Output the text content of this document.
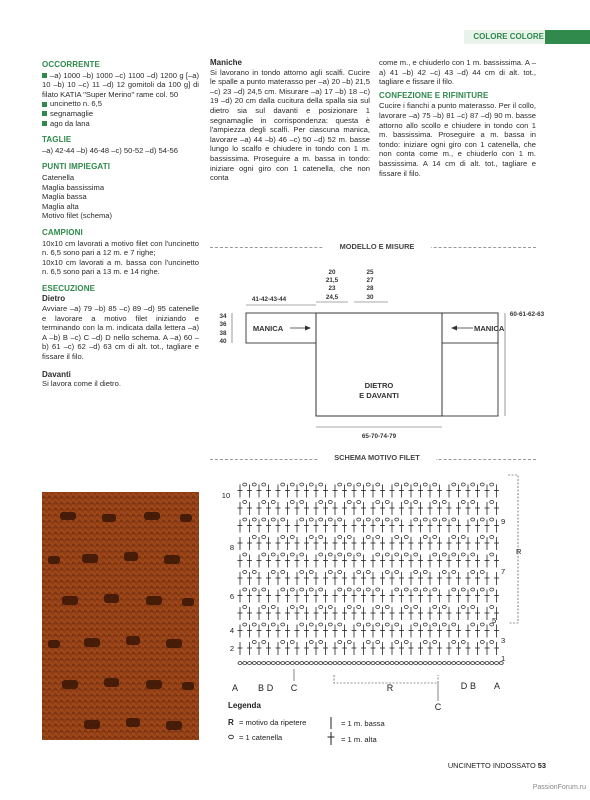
COLORE COLORE
OCCORRENTE
–a) 1000 –b) 1000 –c) 1100 –d) 1200 g [–a) 10 –b) 10 –c) 11 –d) 12 gomitoli da 100 g] di filato KATIA "Super Merino" rame col. 50
uncinetto n. 6,5
segnamaglie
ago da lana
TAGLIE
–a) 42-44 –b) 46-48 –c) 50-52 –d) 54-56
PUNTI IMPIEGATI
Catenella
Maglia bassissima
Maglia bassa
Maglia alta
Motivo filet (schema)
CAMPIONI
10x10 cm lavorati a motivo filet con l'uncinetto n. 6,5 sono pari a 12 m. e 7 righe;
10x10 cm lavorati a m. bassa con l'uncinetto n. 6,5 sono pari a 13 m. e 14 righe.
ESECUZIONE
Dietro
Avviare –a) 79 –b) 85 –c) 89 –d) 95 catenelle e lavorare a motivo filet iniziando e terminando con la m. indicata dalla lettera –a) A –b) B –c) C –d) D nello schema. A –a) 60 –b) 61 –c) 62 –d) 63 cm di alt. tot., tagliare e fissare il filo.
Davanti
Si lavora come il dietro.
Maniche
Si lavorano in tondo attorno agli scalfi. Cucire le spalle a punto materasso per –a) 20 –b) 21,5 –c) 23 –d) 24,5 cm. Misurare –a) 17 –b) 18 –c) 19 –d) 20 cm dalla cucitura della spalla sia sul dietro sia sul davanti e posizionare 1 segnamaglie in corrispondenza: questa è l'ampiezza degli scalfi. Per ciascuna manica, lavorare –a) 44 –b) 46 –c) 50 –d) 52 m. basse lungo lo scalfo e chiudere in tondo con 1 m. bassissima. Proseguire a m. bassa in tondo: iniziare ogni giro con 1 catenella, che non conta
come m., e chiuderlo con 1 m. bassissima. A –a) 41 –b) 42 –c) 43 –d) 44 cm di alt. tot., tagliare e fissare il filo.
CONFEZIONE E RIFINITURE
Cucire i fianchi a punto materasso. Per il collo, lavorare –a) 75 –b) 81 –c) 87 –d) 90 m. basse attorno allo scollo e chiudere in tondo con 1 m. bassissima. Proseguire a m. bassa in tondo: iniziare ogni giro con 1 catenella, che non conta come m., e chiuderlo con 1 m. bassissima. A 14 cm di alt. tot., tagliare e fissare il filo.
MODELLO E MISURE
20
21,5
23
24,5
25
27
28
30
41-42-43-44
34
36
38
40
MANICA	MANICA
60-61-62-63
DIETRO
E DAVANTI
65-70-74-79
SCHEMA MOTIVO FILET
R
10
8
6
4
2
9
7
5
3
1
A B D C	R	D B A
C
Legenda
R = motivo da ripetere
= 1 catenella
= 1 m. bassa
= 1 m. alta
UNCINETTO INDOSSATO 53
PassionForum.ru
